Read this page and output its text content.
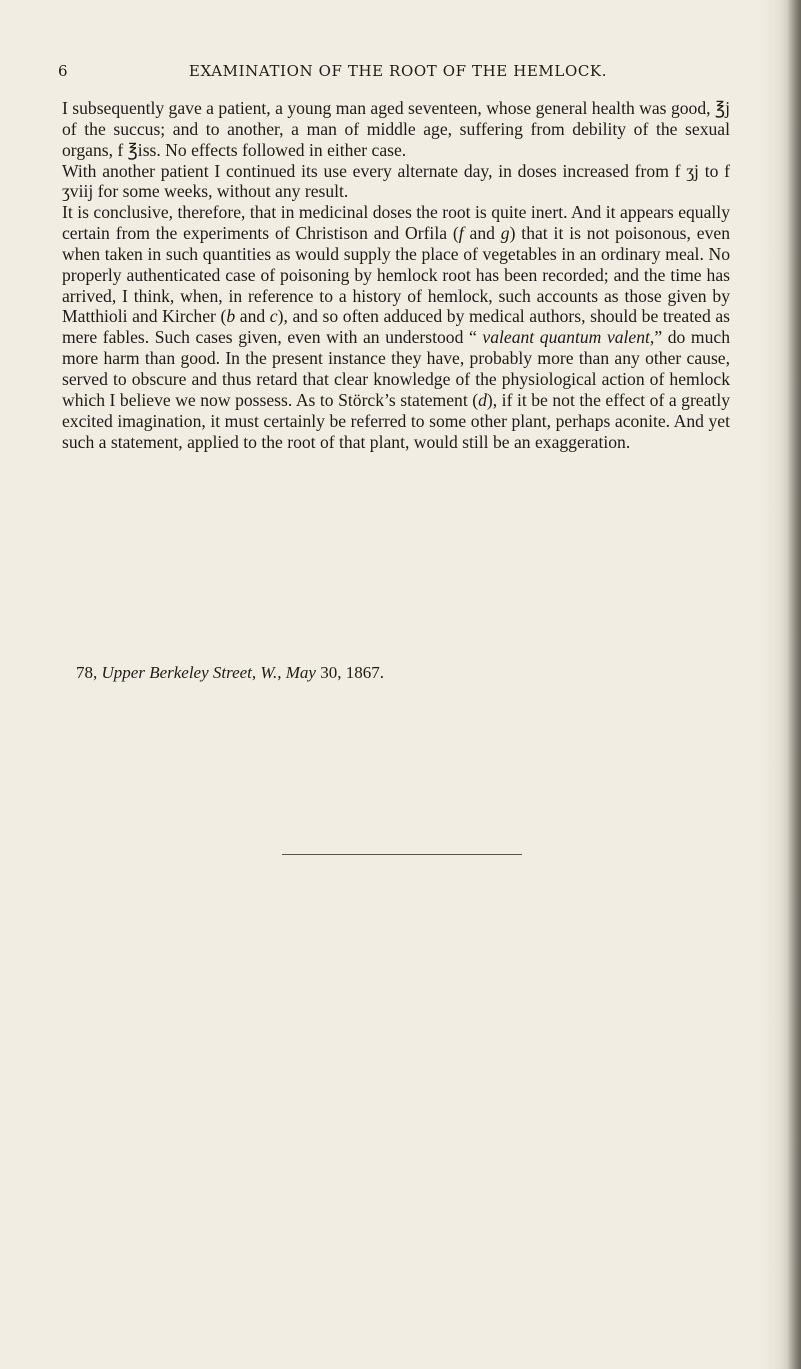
6	EXAMINATION OF THE ROOT OF THE HEMLOCK.

I subsequently gave a patient, a young man aged seventeen, whose general health was good, ℥j of the succus; and to another, a man of middle age, suffering from debility of the sexual organs, f ℥iss. No effects followed in either case.

With another patient I continued its use every alternate day, in doses increased from f ʒj to f ʒviij for some weeks, without any result.

It is conclusive, therefore, that in medicinal doses the root is quite inert. And it appears equally certain from the experiments of Christison and Orfila (f and g) that it is not poisonous, even when taken in such quantities as would supply the place of vegetables in an ordinary meal. No properly authenticated case of poisoning by hemlock root has been recorded; and the time has arrived, I think, when, in reference to a history of hemlock, such accounts as those given by Matthioli and Kircher (b and c), and so often adduced by medical authors, should be treated as mere fables. Such cases given, even with an understood “ valeant quantum valent,” do much more harm than good. In the present instance they have, probably more than any other cause, served to obscure and thus retard that clear knowledge of the physiological action of hemlock which I believe we now possess. As to Störck’s statement (d), if it be not the effect of a greatly excited imagination, it must certainly be referred to some other plant, perhaps aconite. And yet such a statement, applied to the root of that plant, would still be an exaggeration.

78, Upper Berkeley Street, W., May 30, 1867.
